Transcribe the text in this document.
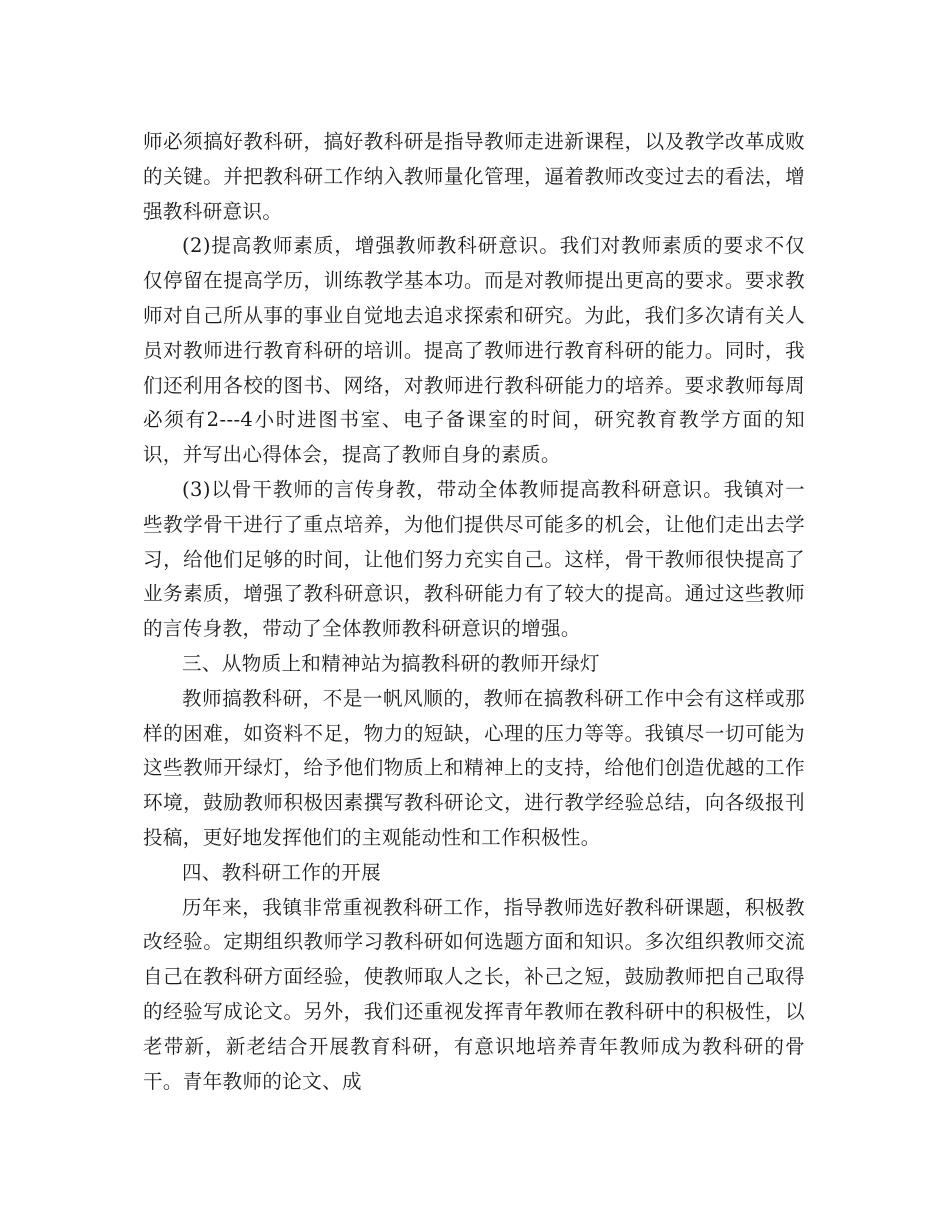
师必须搞好教科研，搞好教科研是指导教师走进新课程，以及教学改革成败的关键。并把教科研工作纳入教师量化管理，逼着教师改变过去的看法，增强教科研意识。

(2)提高教师素质，增强教师教科研意识。我们对教师素质的要求不仅仅停留在提高学历，训练教学基本功。而是对教师提出更高的要求。要求教师对自己所从事的事业自觉地去追求探索和研究。为此，我们多次请有关人员对教师进行教育科研的培训。提高了教师进行教育科研的能力。同时，我们还利用各校的图书、网络，对教师进行教科研能力的培养。要求教师每周必须有2---4小时进图书室、电子备课室的时间，研究教育教学方面的知识，并写出心得体会，提高了教师自身的素质。

(3)以骨干教师的言传身教，带动全体教师提高教科研意识。我镇对一些教学骨干进行了重点培养，为他们提供尽可能多的机会，让他们走出去学习，给他们足够的时间，让他们努力充实自己。这样，骨干教师很快提高了业务素质，增强了教科研意识，教科研能力有了较大的提高。通过这些教师的言传身教，带动了全体教师教科研意识的增强。

三、从物质上和精神站为搞教科研的教师开绿灯

教师搞教科研，不是一帆风顺的，教师在搞教科研工作中会有这样或那样的困难，如资料不足，物力的短缺，心理的压力等等。我镇尽一切可能为这些教师开绿灯，给予他们物质上和精神上的支持，给他们创造优越的工作环境，鼓励教师积极因素撰写教科研论文，进行教学经验总结，向各级报刊投稿，更好地发挥他们的主观能动性和工作积极性。

四、教科研工作的开展

历年来，我镇非常重视教科研工作，指导教师选好教科研课题，积极教改经验。定期组织教师学习教科研如何选题方面和知识。多次组织教师交流自己在教科研方面经验，使教师取人之长，补己之短，鼓励教师把自己取得的经验写成论文。另外，我们还重视发挥青年教师在教科研中的积极性，以老带新，新老结合开展教育科研，有意识地培养青年教师成为教科研的骨干。青年教师的论文、成
